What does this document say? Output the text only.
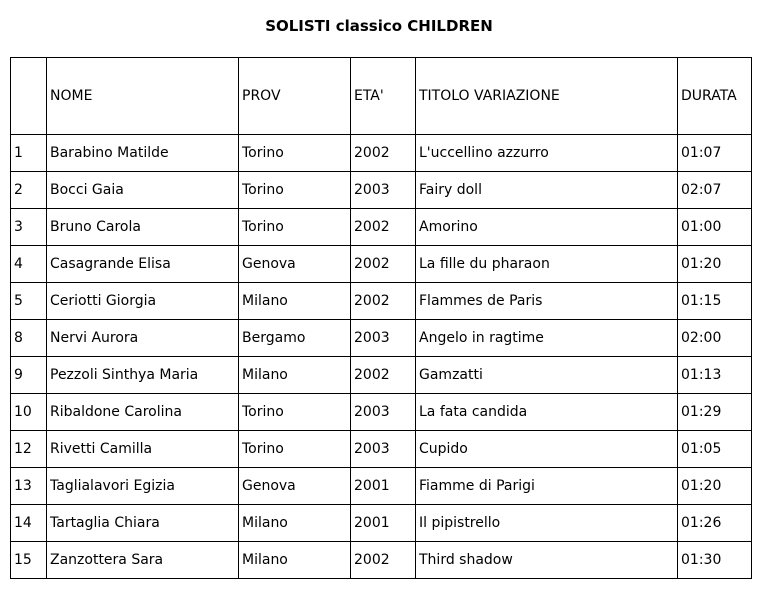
SOLISTI classico CHILDREN
	NOME	PROV	ETA'	TITOLO VARIAZIONE	DURATA
1	Barabino Matilde	Torino	2002	L'uccellino azzurro	01:07
2	Bocci Gaia	Torino	2003	Fairy doll	02:07
3	Bruno Carola	Torino	2002	Amorino	01:00
4	Casagrande Elisa	Genova	2002	La fille du pharaon	01:20
5	Ceriotti Giorgia	Milano	2002	Flammes de Paris	01:15
8	Nervi Aurora	Bergamo	2003	Angelo in ragtime	02:00
9	Pezzoli Sinthya Maria	Milano	2002	Gamzatti	01:13
10	Ribaldone Carolina	Torino	2003	La fata candida	01:29
12	Rivetti Camilla	Torino	2003	Cupido	01:05
13	Taglialavori Egizia	Genova	2001	Fiamme di Parigi	01:20
14	Tartaglia Chiara	Milano	2001	Il pipistrello	01:26
15	Zanzottera Sara	Milano	2002	Third shadow	01:30
